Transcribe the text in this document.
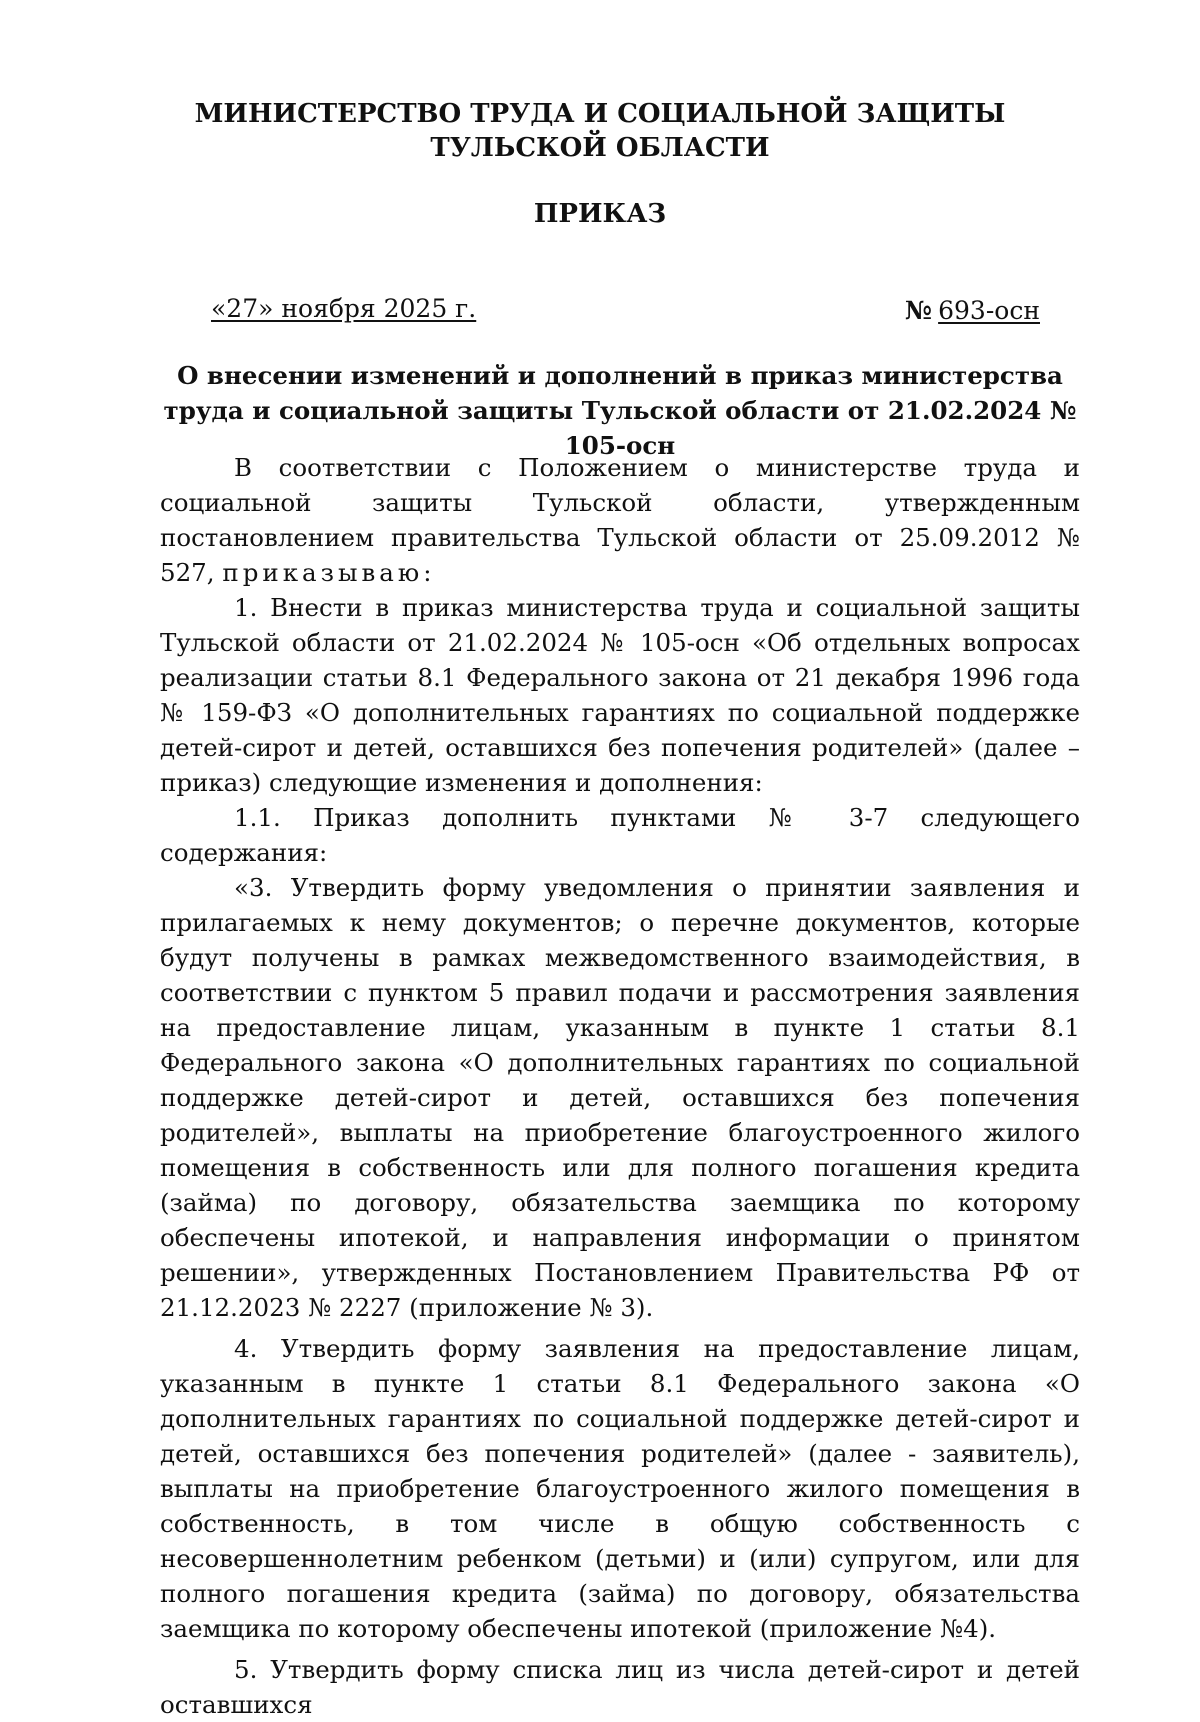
МИНИСТЕРСТВО ТРУДА И СОЦИАЛЬНОЙ ЗАЩИТЫ
ТУЛЬСКОЙ ОБЛАСТИ
ПРИКАЗ
«27» ноября 2025 г.	№ 693-осн
О внесении изменений и дополнений в приказ министерства труда и социальной защиты Тульской области от 21.02.2024 № 105-осн

В соответствии с Положением о министерстве труда и социальной защиты Тульской области, утвержденным постановлением правительства Тульской области от 25.09.2012 № 527, приказываю:

1. Внести в приказ министерства труда и социальной защиты Тульской области от 21.02.2024 № 105-осн «Об отдельных вопросах реализации статьи 8.1 Федерального закона от 21 декабря 1996 года № 159-ФЗ «О дополнительных гарантиях по социальной поддержке детей-сирот и детей, оставшихся без попечения родителей» (далее – приказ) следующие изменения и дополнения:

1.1. Приказ дополнить пунктами № 3-7 следующего содержания:

«3. Утвердить форму уведомления о принятии заявления и прилагаемых к нему документов; о перечне документов, которые будут получены в рамках межведомственного взаимодействия, в соответствии с пунктом 5 правил подачи и рассмотрения заявления на предоставление лицам, указанным в пункте 1 статьи 8.1 Федерального закона «О дополнительных гарантиях по социальной поддержке детей-сирот и детей, оставшихся без попечения родителей», выплаты на приобретение благоустроенного жилого помещения в собственность или для полного погашения кредита (займа) по договору, обязательства заемщика по которому обеспечены ипотекой, и направления информации о принятом решении», утвержденных Постановлением Правительства РФ от 21.12.2023 № 2227 (приложение № 3).

4. Утвердить форму заявления на предоставление лицам, указанным в пункте 1 статьи 8.1 Федерального закона «О дополнительных гарантиях по социальной поддержке детей-сирот и детей, оставшихся без попечения родителей» (далее - заявитель), выплаты на приобретение благоустроенного жилого помещения в собственность, в том числе в общую собственность с несовершеннолетним ребенком (детьми) и (или) супругом, или для полного погашения кредита (займа) по договору, обязательства заемщика по которому обеспечены ипотекой (приложение №4).

5. Утвердить форму списка лиц из числа детей-сирот и детей оставшихся
